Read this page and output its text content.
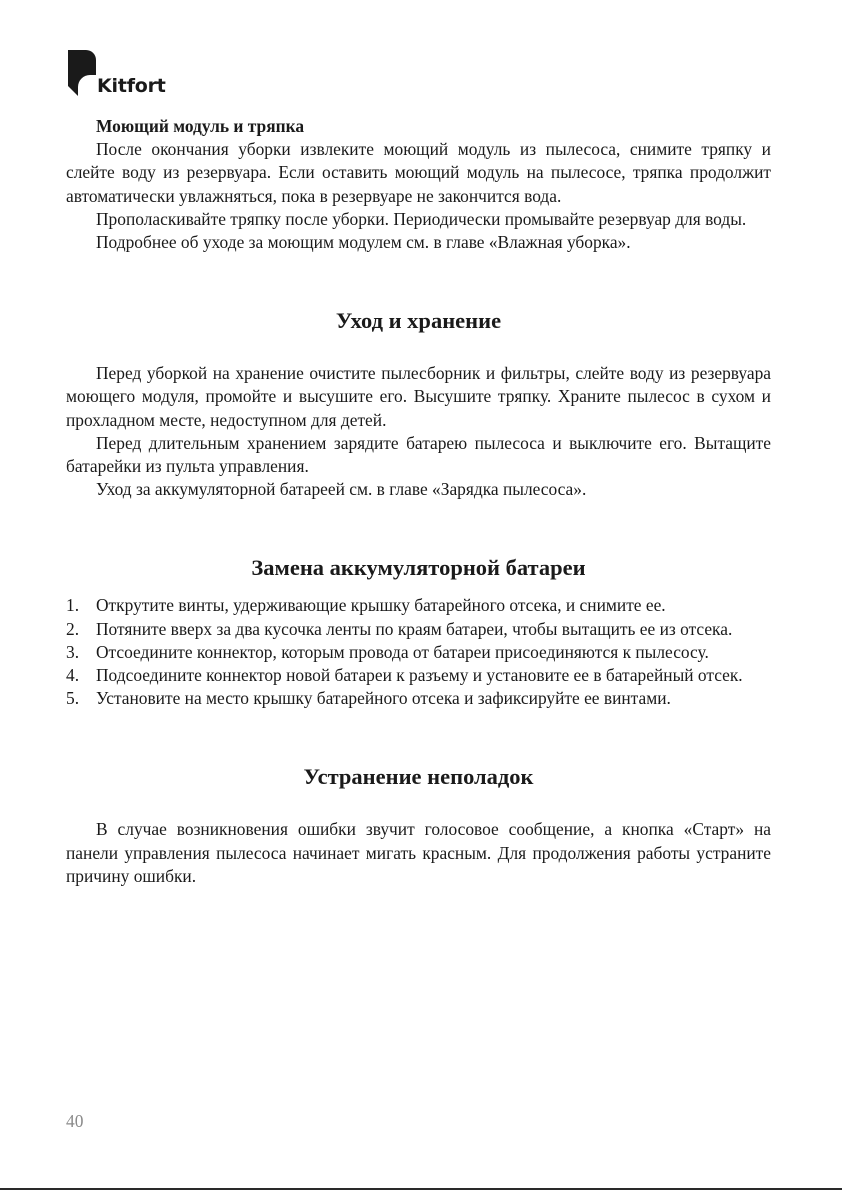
Kitfort
Моющий модуль и тряпка

После окончания уборки извлеките моющий модуль из пылесоса, снимите тряпку и слейте воду из резервуара. Если оставить моющий модуль на пылесосе, тряпка продолжит автоматически увлажняться, пока в резервуаре не закончится вода.

Прополаскивайте тряпку после уборки. Периодически промывайте резервуар для воды.

Подробнее об уходе за моющим модулем см. в главе «Влажная уборка».

Уход и хранение

Перед уборкой на хранение очистите пылесборник и фильтры, слейте воду из резервуара моющего модуля, промойте и высушите его. Высушите тряпку. Храните пылесос в сухом и прохладном месте, недоступном для детей.

Перед длительным хранением зарядите батарею пылесоса и выключите его. Вытащите батарейки из пульта управления.

Уход за аккумуляторной батареей см. в главе «Зарядка пылесоса».

Замена аккумуляторной батареи
1. Открутите винты, удерживающие крышку батарейного отсека, и снимите ее.
2. Потяните вверх за два кусочка ленты по краям батареи, чтобы вытащить ее из отсека.
3. Отсоедините коннектор, которым провода от батареи присоединяются к пылесосу.
4. Подсоедините коннектор новой батареи к разъему и установите ее в батарейный отсек.
5. Установите на место крышку батарейного отсека и зафиксируйте ее винтами.
Устранение неполадок

В случае возникновения ошибки звучит голосовое сообщение, а кнопка «Старт» на панели управления пылесоса начинает мигать красным. Для продолжения работы устраните причину ошибки.

40
